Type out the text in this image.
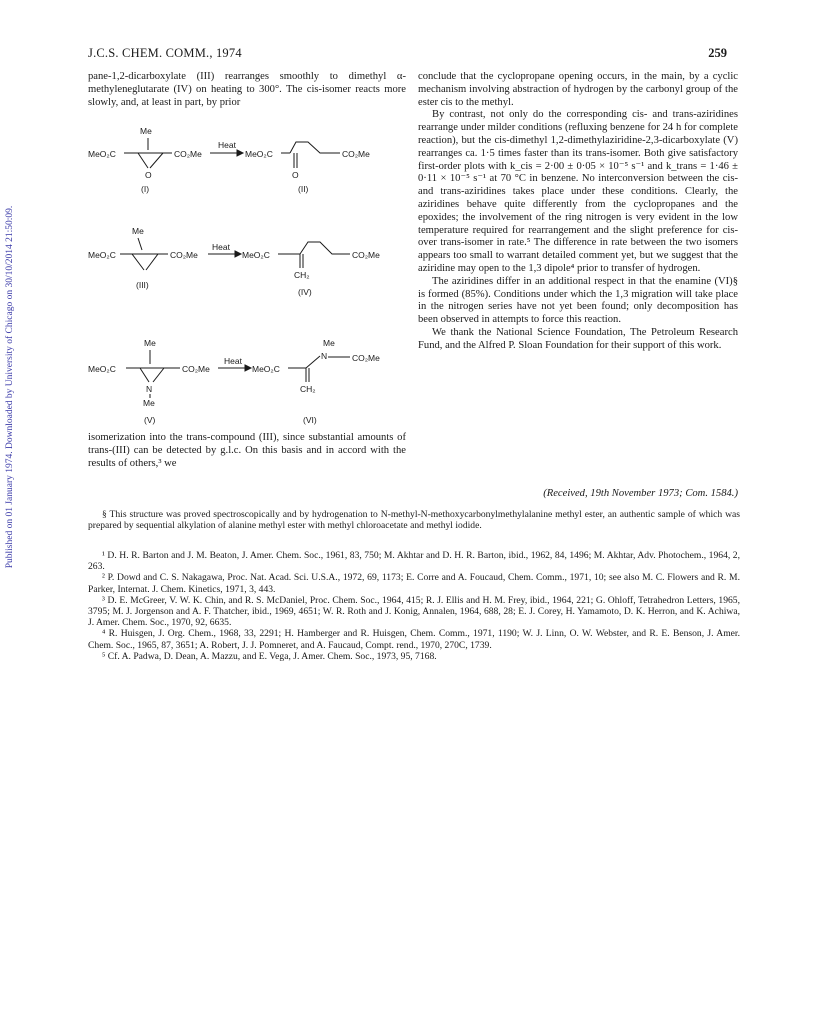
J.C.S. CHEM. COMM., 1974	259
Published on 01 January 1974. Downloaded by University of Chicago on 30/10/2014 21:50:09.

pane-1,2-dicarboxylate (III) rearranges smoothly to dimethyl α-methyleneglutarate (IV) on heating to 300°. The cis-isomer reacts more slowly, and, at least in part, by prior

Me
MeO₂C	CO₂Me
O
(I)
Heat
MeO₂C
O
CO₂Me
(II)
Me
MeO₂C	CO₂Me
(III)
Heat
MeO₂C	CO₂Me
CH₂
(IV)
Me
MeO₂C	CO₂Me
N
Me
(V)
Heat
MeO₂C
Me
N	CO₂Me
CH₂
(VI)

isomerization into the trans-compound (III), since substantial amounts of trans-(III) can be detected by g.l.c. On this basis and in accord with the results of others,³ we

conclude that the cyclopropane opening occurs, in the main, by a cyclic mechanism involving abstraction of hydrogen by the carbonyl group of the ester cis to the methyl.

By contrast, not only do the corresponding cis- and trans-aziridines rearrange under milder conditions (refluxing benzene for 24 h for complete reaction), but the cis-dimethyl 1,2-dimethylaziridine-2,3-dicarboxylate (V) rearranges ca. 1·5 times faster than its trans-isomer. Both give satisfactory first-order plots with k_cis = 2·00 ± 0·05 × 10⁻⁵ s⁻¹ and k_trans = 1·46 ± 0·11 × 10⁻⁵ s⁻¹ at 70 °C in benzene. No interconversion between the cis- and trans-aziridines takes place under these conditions. Clearly, the aziridines behave quite differently from the cyclopropanes and the epoxides; the involvement of the ring nitrogen is very evident in the low temperature required for rearrangement and the slight preference for cis- over trans-isomer in rate.⁵ The difference in rate between the two isomers appears too small to warrant detailed comment yet, but we suggest that the aziridine may open to the 1,3 dipole⁴ prior to transfer of hydrogen.

The aziridines differ in an additional respect in that the enamine (VI)§ is formed (85%). Conditions under which the 1,3 migration will take place in the nitrogen series have not yet been found; only decomposition has been observed in attempts to force this reaction.

We thank the National Science Foundation, The Petroleum Research Fund, and the Alfred P. Sloan Foundation for their support of this work.

(Received, 19th November 1973; Com. 1584.)

§ This structure was proved spectroscopically and by hydrogenation to N-methyl-N-methoxycarbonylmethylalanine methyl ester, an authentic sample of which was prepared by sequential alkylation of alanine methyl ester with methyl chloroacetate and methyl iodide.

¹ D. H. R. Barton and J. M. Beaton, J. Amer. Chem. Soc., 1961, 83, 750; M. Akhtar and D. H. R. Barton, ibid., 1962, 84, 1496; M. Akhtar, Adv. Photochem., 1964, 2, 263.

² P. Dowd and C. S. Nakagawa, Proc. Nat. Acad. Sci. U.S.A., 1972, 69, 1173; E. Corre and A. Foucaud, Chem. Comm., 1971, 10; see also M. C. Flowers and R. M. Parker, Internat. J. Chem. Kinetics, 1971, 3, 443.

³ D. E. McGreer, V. W. K. Chin, and R. S. McDaniel, Proc. Chem. Soc., 1964, 415; R. J. Ellis and H. M. Frey, ibid., 1964, 221; G. Ohloff, Tetrahedron Letters, 1965, 3795; M. J. Jorgenson and A. F. Thatcher, ibid., 1969, 4651; W. R. Roth and J. Konig, Annalen, 1964, 688, 28; E. J. Corey, H. Yamamoto, D. K. Herron, and K. Achiwa, J. Amer. Chem. Soc., 1970, 92, 6635.

⁴ R. Huisgen, J. Org. Chem., 1968, 33, 2291; H. Hamberger and R. Huisgen, Chem. Comm., 1971, 1190; W. J. Linn, O. W. Webster, and R. E. Benson, J. Amer. Chem. Soc., 1965, 87, 3651; A. Robert, J. J. Pomneret, and A. Faucaud, Compt. rend., 1970, 270C, 1739.

⁵ Cf. A. Padwa, D. Dean, A. Mazzu, and E. Vega, J. Amer. Chem. Soc., 1973, 95, 7168.
